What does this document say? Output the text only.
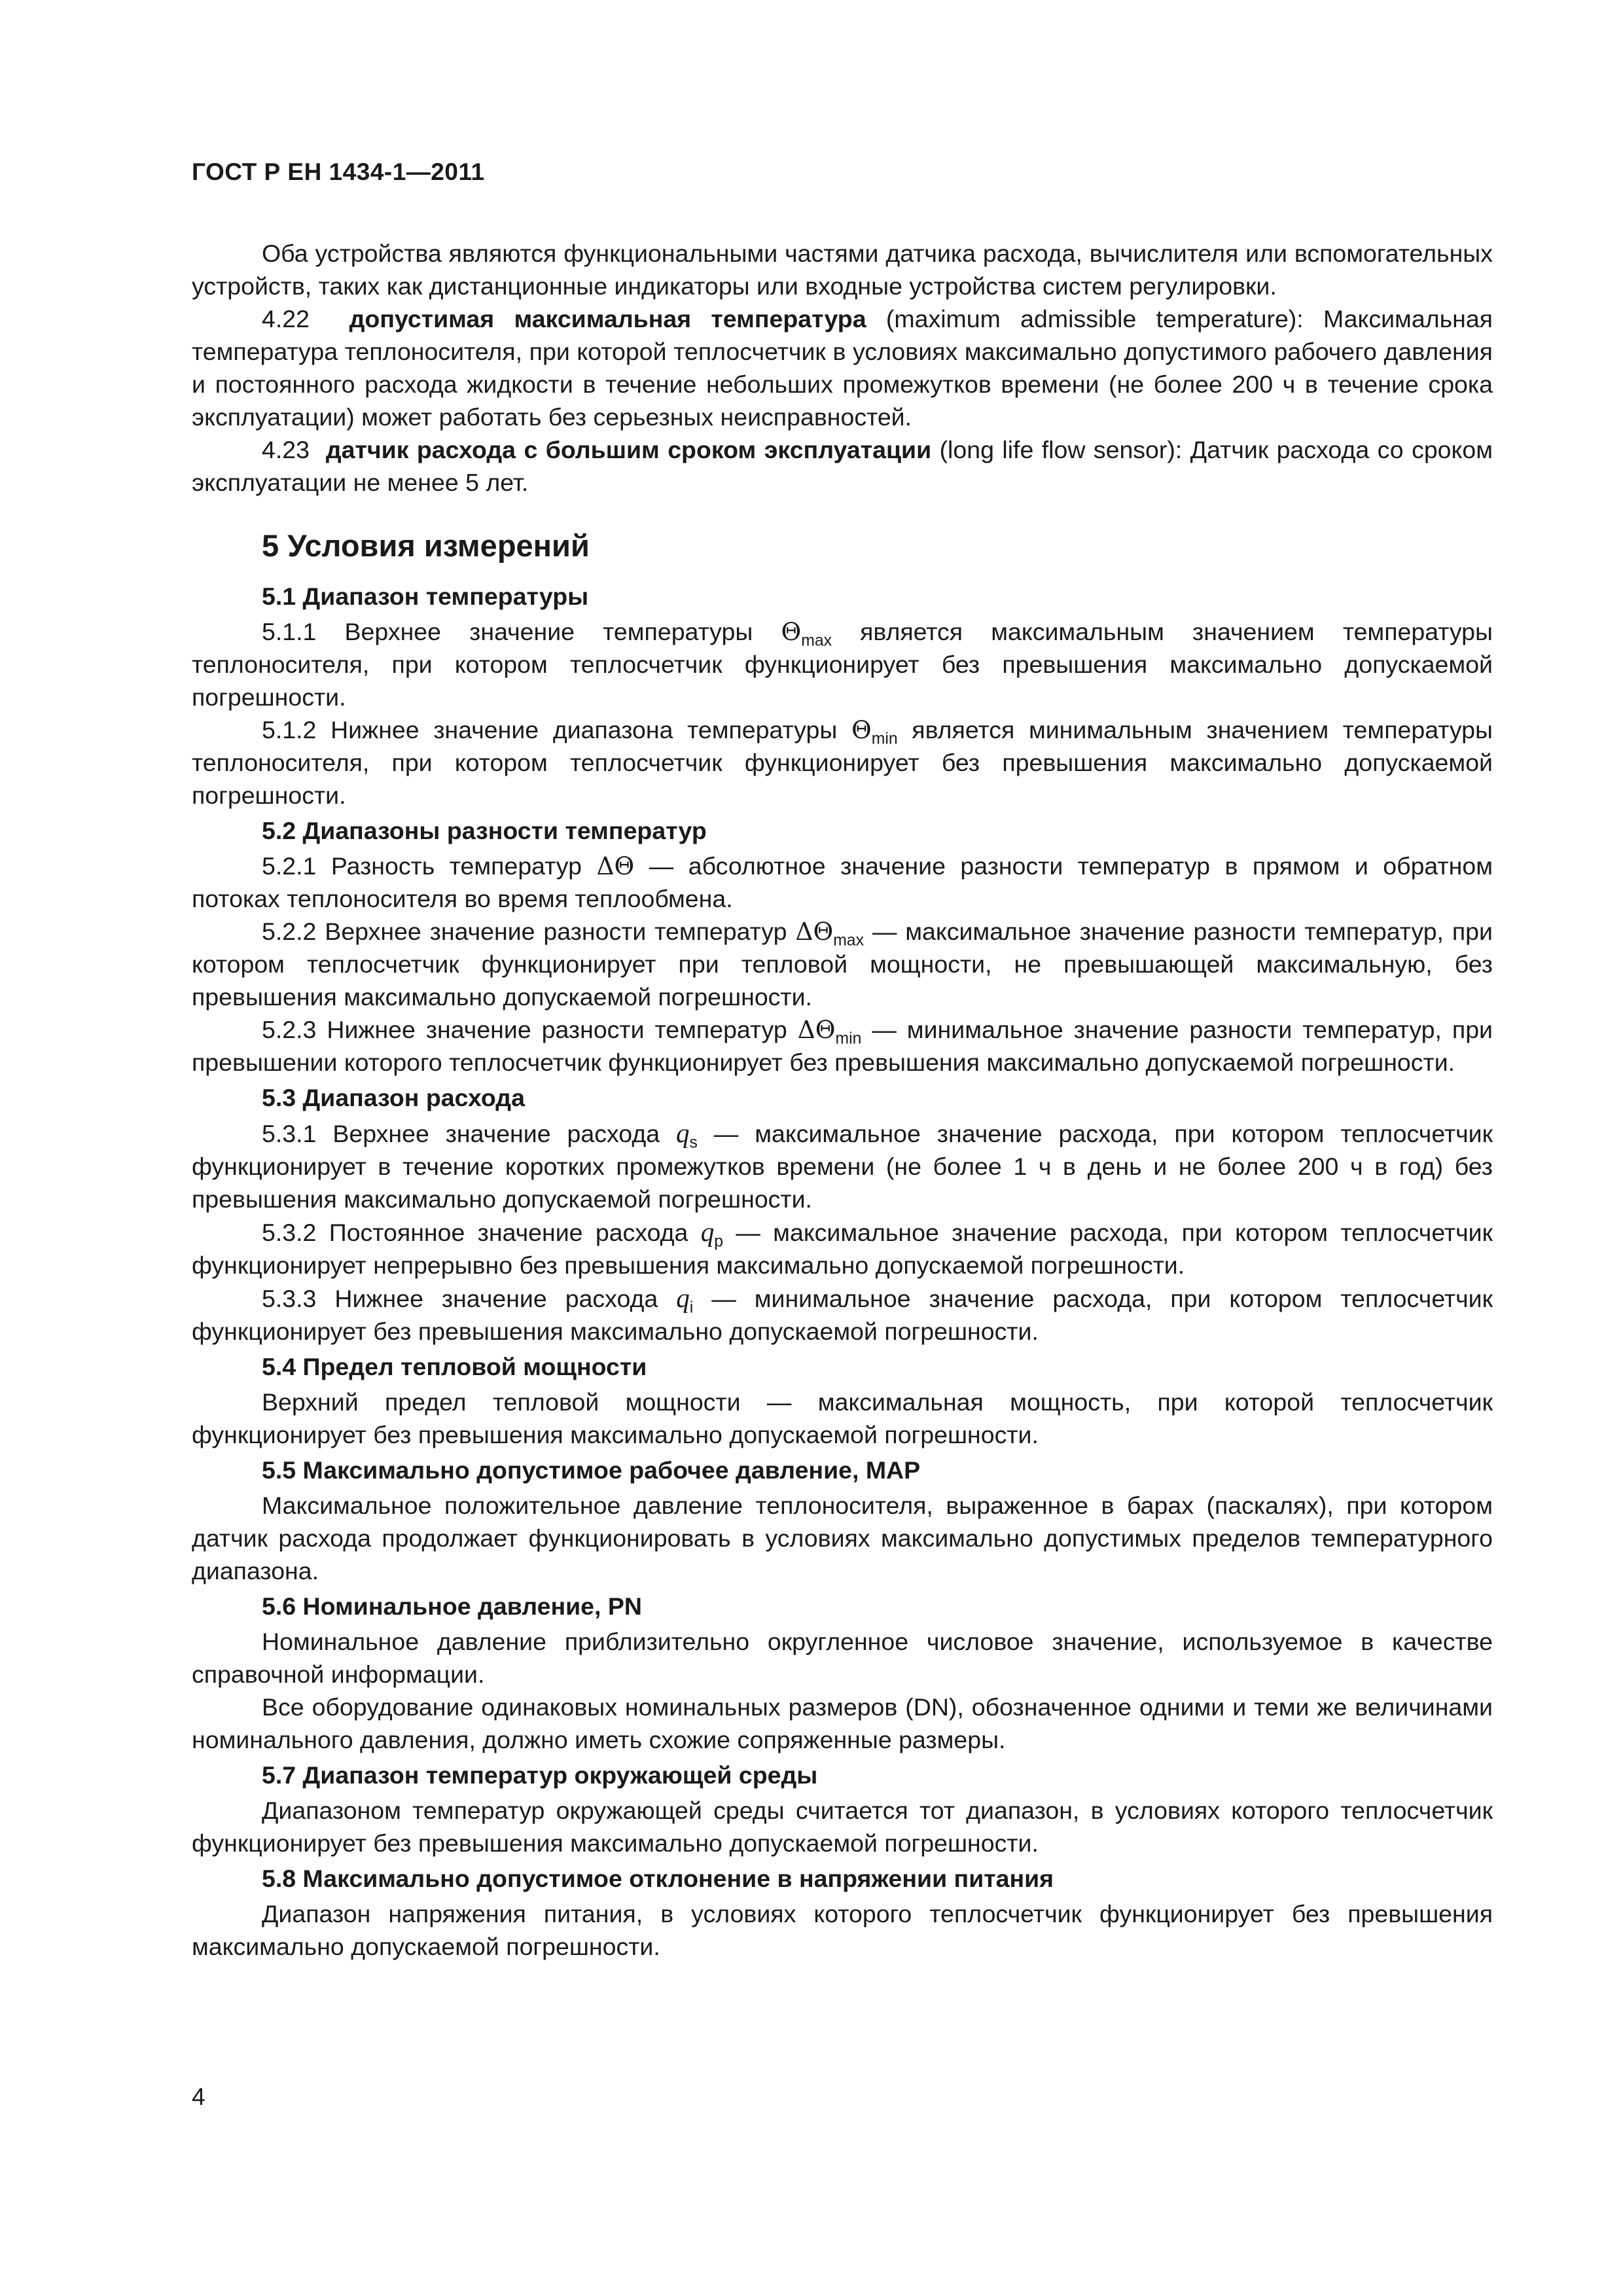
ГОСТ Р ЕН 1434-1—2011

Оба устройства являются функциональными частями датчика расхода, вычислителя или вспомогательных устройств, таких как дистанционные индикаторы или входные устройства систем регулировки.

4.22 допустимая максимальная температура (maximum admissible temperature): Максимальная температура теплоносителя, при которой теплосчетчик в условиях максимально допустимого рабочего давления и постоянного расхода жидкости в течение небольших промежутков времени (не более 200 ч в течение срока эксплуатации) может работать без серьезных неисправностей.

4.23 датчик расхода с большим сроком эксплуатации (long life flow sensor): Датчик расхода со сроком эксплуатации не менее 5 лет.

5 Условия измерений
5.1 Диапазон температуры

5.1.1 Верхнее значение температуры $\Theta_{max}$ является максимальным значением температуры теплоносителя, при котором теплосчетчик функционирует без превышения максимально допускаемой погрешности.

5.1.2 Нижнее значение диапазона температуры $\Theta_{min}$ является минимальным значением температуры теплоносителя, при котором теплосчетчик функционирует без превышения максимально допускаемой погрешности.

5.2 Диапазоны разности температур

5.2.1 Разность температур ΔΘ — абсолютное значение разности температур в прямом и обратном потоках теплоносителя во время теплообмена.

5.2.2 Верхнее значение разности температур $\Delta\Theta_{max}$ — максимальное значение разности температур, при котором теплосчетчик функционирует при тепловой мощности, не превышающей максимальную, без превышения максимально допускаемой погрешности.

5.2.3 Нижнее значение разности температур $\Delta\Theta_{min}$ — минимальное значение разности температур, при превышении которого теплосчетчик функционирует без превышения максимально допускаемой погрешности.

5.3 Диапазон расхода

5.3.1 Верхнее значение расхода $q_s$ — максимальное значение расхода, при котором теплосчетчик функционирует в течение коротких промежутков времени (не более 1 ч в день и не более 200 ч в год) без превышения максимально допускаемой погрешности.

5.3.2 Постоянное значение расхода $q_p$ — максимальное значение расхода, при котором теплосчетчик функционирует непрерывно без превышения максимально допускаемой погрешности.

5.3.3 Нижнее значение расхода $q_i$ — минимальное значение расхода, при котором теплосчетчик функционирует без превышения максимально допускаемой погрешности.

5.4 Предел тепловой мощности

Верхний предел тепловой мощности — максимальная мощность, при которой теплосчетчик функционирует без превышения максимально допускаемой погрешности.

5.5 Максимально допустимое рабочее давление, МАР

Максимальное положительное давление теплоносителя, выраженное в барах (паскалях), при котором датчик расхода продолжает функционировать в условиях максимально допустимых пределов температурного диапазона.

5.6 Номинальное давление, PN

Номинальное давление приблизительно округленное числовое значение, используемое в качестве справочной информации.

Все оборудование одинаковых номинальных размеров (DN), обозначенное одними и теми же величинами номинального давления, должно иметь схожие сопряженные размеры.

5.7 Диапазон температур окружающей среды

Диапазоном температур окружающей среды считается тот диапазон, в условиях которого теплосчетчик функционирует без превышения максимально допускаемой погрешности.

5.8 Максимально допустимое отклонение в напряжении питания

Диапазон напряжения питания, в условиях которого теплосчетчик функционирует без превышения максимально допускаемой погрешности.

4
